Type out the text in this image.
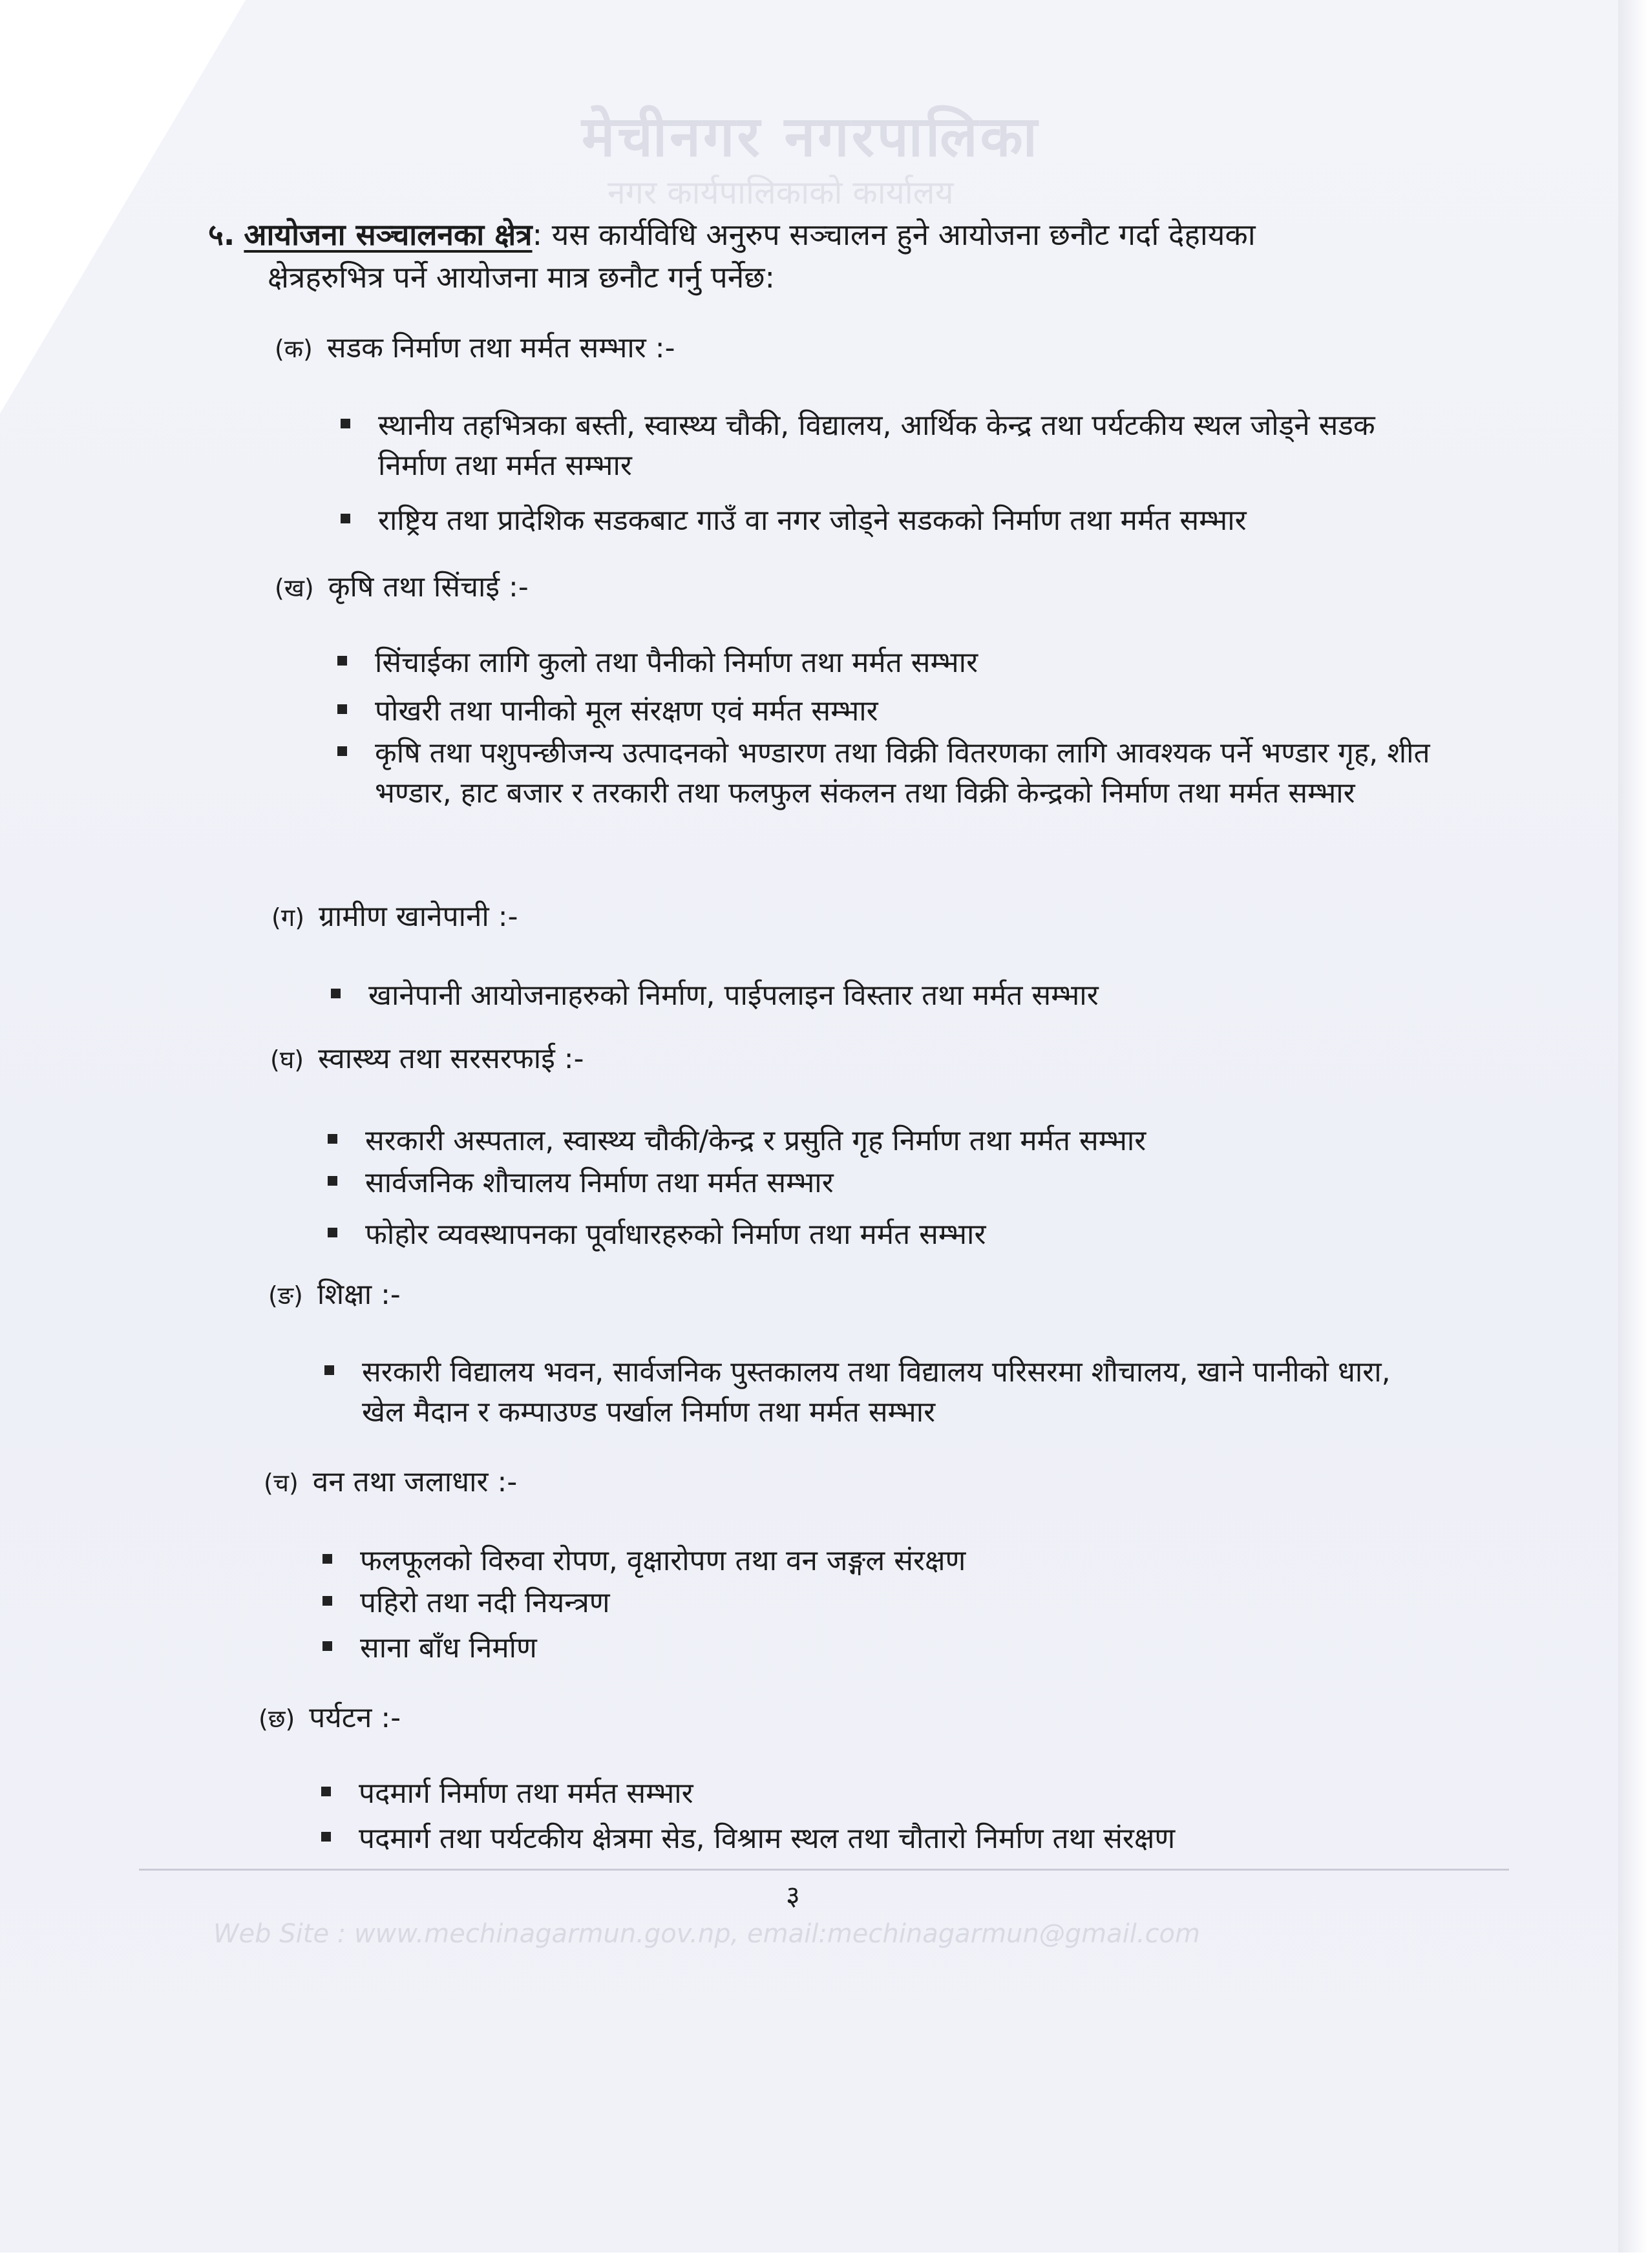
मेचीनगर नगरपालिका
नगर कार्यपालिकाको कार्यालय
५. आयोजना सञ्चालनका क्षेत्र: यस कार्यविधि अनुरुप सञ्चालन हुने आयोजना छनौट गर्दा देहायका
क्षेत्रहरुभित्र पर्ने आयोजना मात्र छनौट गर्नु पर्नेछ:
(क) सडक निर्माण तथा मर्मत सम्भार :-
स्थानीय तहभित्रका बस्ती, स्वास्थ्य चौकी, विद्यालय, आर्थिक केन्द्र तथा पर्यटकीय स्थल जोड्ने सडक निर्माण तथा मर्मत सम्भार
राष्ट्रिय तथा प्रादेशिक सडकबाट गाउँ वा नगर जोड्ने सडकको निर्माण तथा मर्मत सम्भार
(ख) कृषि तथा सिंचाई :-
सिंचाईका लागि कुलो तथा पैनीको निर्माण तथा मर्मत सम्भार
पोखरी तथा पानीको मूल संरक्षण एवं मर्मत सम्भार
कृषि तथा पशुपन्छीजन्य उत्पादनको भण्डारण तथा विक्री वितरणका लागि आवश्यक पर्ने भण्डार गृह, शीत भण्डार, हाट बजार र तरकारी तथा फलफुल संकलन तथा विक्री केन्द्रको निर्माण तथा मर्मत सम्भार
(ग) ग्रामीण खानेपानी :-
खानेपानी आयोजनाहरुको निर्माण, पाईपलाइन विस्तार तथा मर्मत सम्भार
(घ) स्वास्थ्य तथा सरसरफाई :-
सरकारी अस्पताल, स्वास्थ्य चौकी/केन्द्र र प्रसुति गृह निर्माण तथा मर्मत सम्भार
सार्वजनिक शौचालय निर्माण तथा मर्मत सम्भार
फोहोर व्यवस्थापनका पूर्वाधारहरुको निर्माण तथा मर्मत सम्भार
(ङ) शिक्षा :-
सरकारी विद्यालय भवन, सार्वजनिक पुस्तकालय तथा विद्यालय परिसरमा शौचालय, खाने पानीको धारा, खेल मैदान र कम्पाउण्ड पर्खाल निर्माण तथा मर्मत सम्भार
(च) वन तथा जलाधार :-
फलफूलको विरुवा रोपण, वृक्षारोपण तथा वन जङ्गल संरक्षण
पहिरो तथा नदी नियन्त्रण
साना बाँध निर्माण
(छ) पर्यटन :-
पदमार्ग निर्माण तथा मर्मत सम्भार
पदमार्ग तथा पर्यटकीय क्षेत्रमा सेड, विश्राम स्थल तथा चौतारो निर्माण तथा संरक्षण
३
Web Site : www.mechinagarmun.gov.np, email:mechinagarmun@gmail.com
